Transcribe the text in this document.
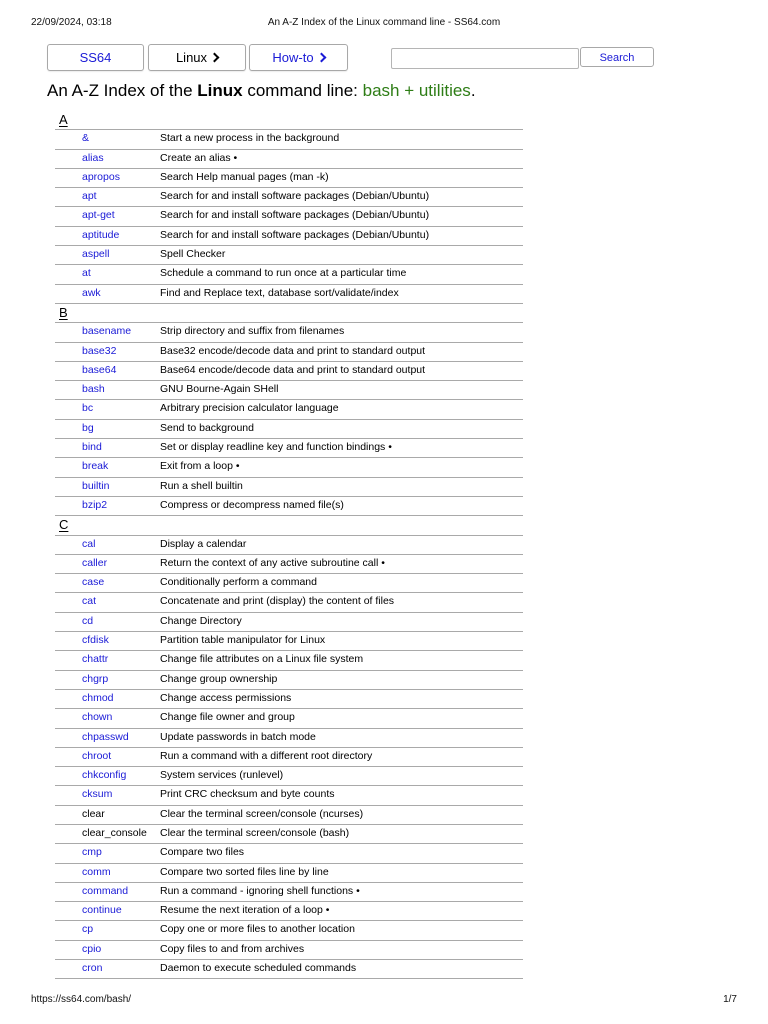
22/09/2024, 03:18	An A-Z Index of the Linux command line - SS64.com
SS64	Linux	How-to	Search
An A-Z Index of the Linux command line: bash + utilities.
A
&	Start a new process in the background
alias	Create an alias •
apropos	Search Help manual pages (man -k)
apt	Search for and install software packages (Debian/Ubuntu)
apt-get	Search for and install software packages (Debian/Ubuntu)
aptitude	Search for and install software packages (Debian/Ubuntu)
aspell	Spell Checker
at	Schedule a command to run once at a particular time
awk	Find and Replace text, database sort/validate/index
B
basename	Strip directory and suffix from filenames
base32	Base32 encode/decode data and print to standard output
base64	Base64 encode/decode data and print to standard output
bash	GNU Bourne-Again SHell
bc	Arbitrary precision calculator language
bg	Send to background
bind	Set or display readline key and function bindings •
break	Exit from a loop •
builtin	Run a shell builtin
bzip2	Compress or decompress named file(s)
C
cal	Display a calendar
caller	Return the context of any active subroutine call •
case	Conditionally perform a command
cat	Concatenate and print (display) the content of files
cd	Change Directory
cfdisk	Partition table manipulator for Linux
chattr	Change file attributes on a Linux file system
chgrp	Change group ownership
chmod	Change access permissions
chown	Change file owner and group
chpasswd	Update passwords in batch mode
chroot	Run a command with a different root directory
chkconfig	System services (runlevel)
cksum	Print CRC checksum and byte counts
clear	Clear the terminal screen/console (ncurses)
clear_console Clear the terminal screen/console (bash)
cmp	Compare two files
comm	Compare two sorted files line by line
command	Run a command - ignoring shell functions •
continue	Resume the next iteration of a loop •
cp	Copy one or more files to another location
cpio	Copy files to and from archives
cron	Daemon to execute scheduled commands
https://ss64.com/bash/	1/7
